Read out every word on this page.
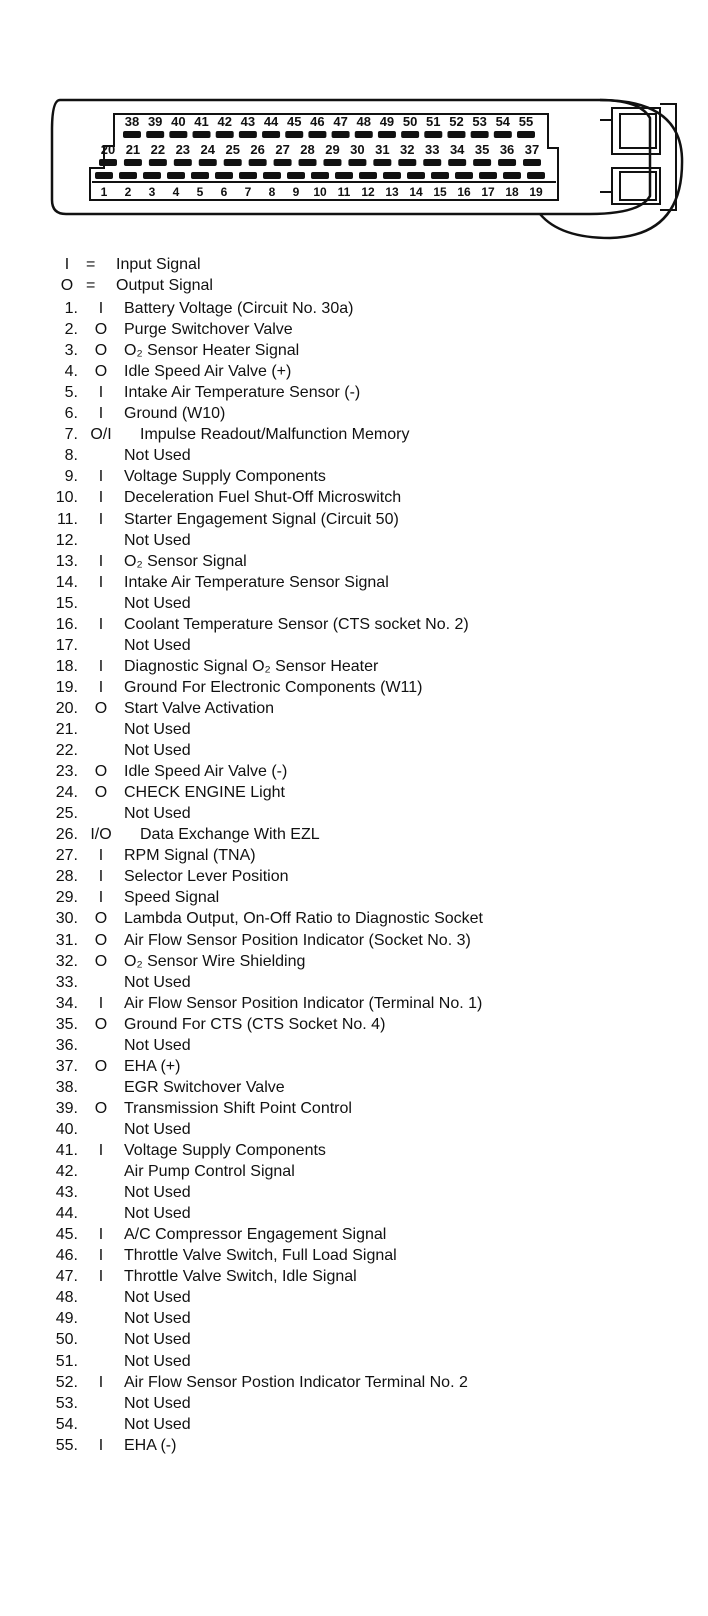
38 39 40 41 42 43 44 45 46 47 48 49 50 51 52 53 54 55
20 21 22 23 24 25 26 27 28 29 30 31 32 33 34 35 36 37
1 2 3 4 5 6 7 8 9 10 11 12 13 14 15 16 17 18 19
I	= Input Signal
O = Output Signal
1.	I	Battery Voltage (Circuit No. 30a)
2.	O	Purge Switchover Valve
3.	O	O₂ Sensor Heater Signal
4.	O	Idle Speed Air Valve (+)
5.	I	Intake Air Temperature Sensor (-)
6.	I	Ground (W10)
7. O/I	Impulse Readout/Malfunction Memory
8.	Not Used
9.	I	Voltage Supply Components
10.	I	Deceleration Fuel Shut-Off Microswitch
11.	I	Starter Engagement Signal (Circuit 50)
12.	Not Used
13.	I	O₂ Sensor Signal
14.	I	Intake Air Temperature Sensor Signal
15.	Not Used
16.	I	Coolant Temperature Sensor (CTS socket No. 2)
17.	Not Used
18.	I	Diagnostic Signal O₂ Sensor Heater
19.	I	Ground For Electronic Components (W11)
20.	O	Start Valve Activation
21.	Not Used
22.	Not Used
23.	O	Idle Speed Air Valve (-)
24.	O	CHECK ENGINE Light
25.	Not Used
26. I/O	Data Exchange With EZL
27.	I	RPM Signal (TNA)
28.	I	Selector Lever Position
29.	I	Speed Signal
30.	O	Lambda Output, On-Off Ratio to Diagnostic Socket
31.	O	Air Flow Sensor Position Indicator (Socket No. 3)
32.	O	O₂ Sensor Wire Shielding
33.	Not Used
34.	I	Air Flow Sensor Position Indicator (Terminal No. 1)
35.	O	Ground For CTS (CTS Socket No. 4)
36.	Not Used
37.	O	EHA (+)
38.	EGR Switchover Valve
39.	O	Transmission Shift Point Control
40.	Not Used
41.	I	Voltage Supply Components
42.	Air Pump Control Signal
43.	Not Used
44.	Not Used
45.	I	A/C Compressor Engagement Signal
46.	I	Throttle Valve Switch, Full Load Signal
47.	I	Throttle Valve Switch, Idle Signal
48.	Not Used
49.	Not Used
50.	Not Used
51.	Not Used
52.	I	Air Flow Sensor Postion Indicator Terminal No. 2
53.	Not Used
54.	Not Used
55.	I	EHA (-)
